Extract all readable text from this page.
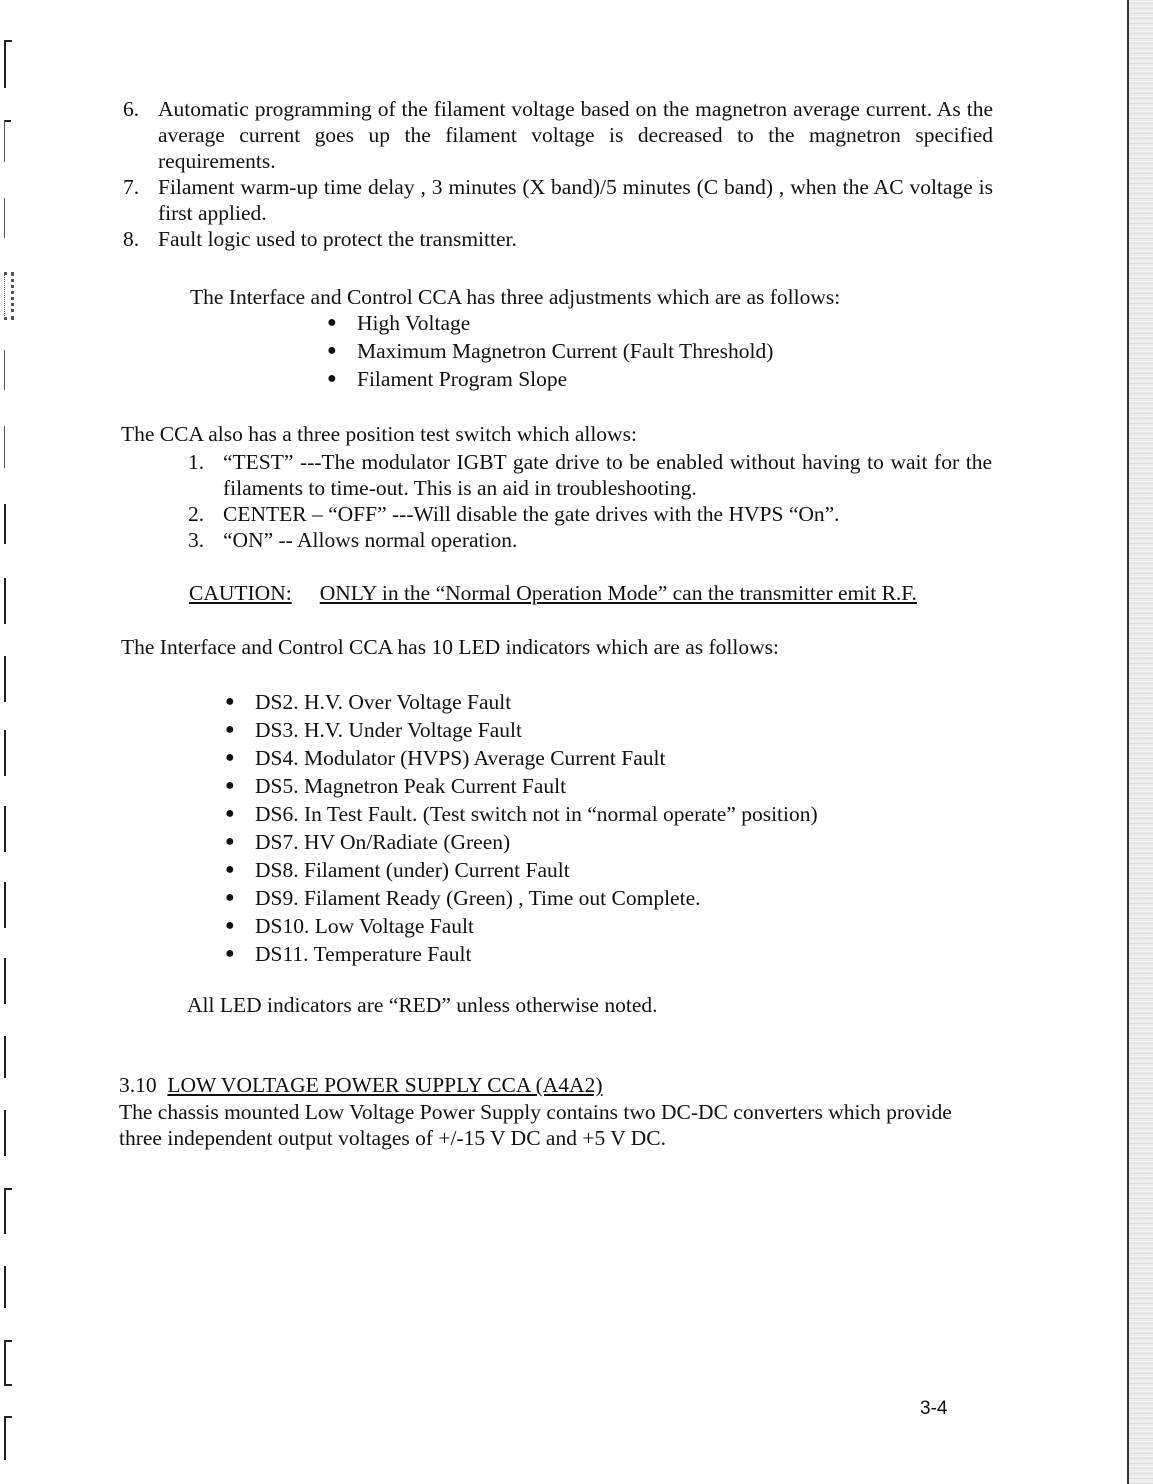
6. Automatic programming of the filament voltage based on the magnetron average current. As the average current goes up the filament voltage is decreased to the magnetron specified requirements.
7. Filament warm-up time delay , 3 minutes (X band)/5 minutes (C band) , when the AC voltage is first applied.
8. Fault logic used to protect the transmitter.
The Interface and Control CCA has three adjustments which are as follows:
● High Voltage
● Maximum Magnetron Current (Fault Threshold)
● Filament Program Slope
The CCA also has a three position test switch which allows:
1. “TEST” ---The modulator IGBT gate drive to be enabled without having to wait for the filaments to time-out. This is an aid in troubleshooting.
2. CENTER – “OFF” ---Will disable the gate drives with the HVPS “On”.
3. “ON” -- Allows normal operation.
CAUTION: ONLY in the “Normal Operation Mode” can the transmitter emit R.F.
The Interface and Control CCA has 10 LED indicators which are as follows:
● DS2. H.V. Over Voltage Fault
● DS3. H.V. Under Voltage Fault
● DS4. Modulator (HVPS) Average Current Fault
● DS5. Magnetron Peak Current Fault
● DS6. In Test Fault. (Test switch not in “normal operate” position)
● DS7. HV On/Radiate (Green)
● DS8. Filament (under) Current Fault
● DS9. Filament Ready (Green) , Time out Complete.
● DS10. Low Voltage Fault
● DS11. Temperature Fault
All LED indicators are “RED” unless otherwise noted.
3.10 LOW VOLTAGE POWER SUPPLY CCA (A4A2)
The chassis mounted Low Voltage Power Supply contains two DC-DC converters which provide three independent output voltages of +/-15 V DC and +5 V DC.
3-4
